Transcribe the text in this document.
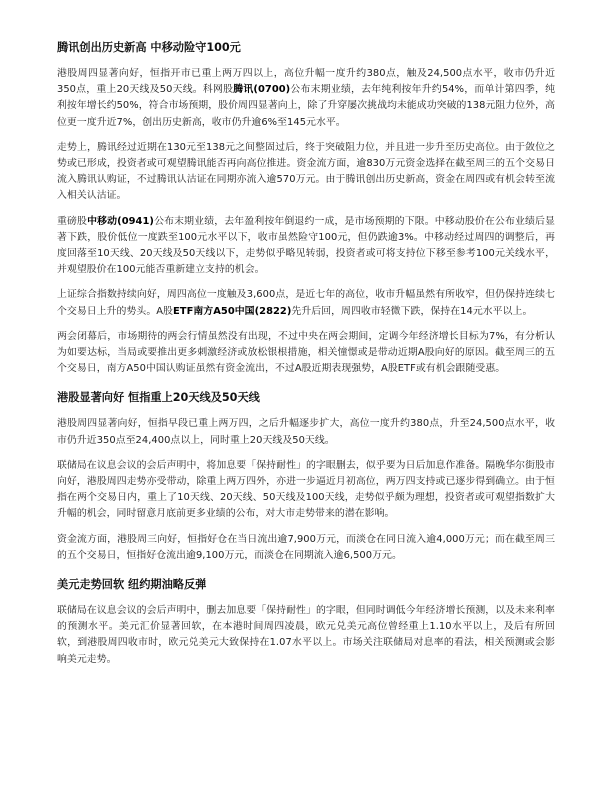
腾讯创出历史新高 中移动险守100元

港股周四显著向好，恒指开市已重上两万四以上，高位升幅一度升约380点，触及24,500点水平，收市仍升近350点，重上20天线及50天线。科网股腾讯(0700)公布末期业绩，去年纯利按年升约54%，而单计第四季，纯利按年增长约50%，符合市场预期，股价周四显著向上，除了升穿屡次挑战均未能成功突破的138元阻力位外，高位更一度升近7%，创出历史新高，收市仍升逾6%至145元水平。

走势上，腾讯经过近期在130元至138元之间整固过后，终于突破阻力位，并且进一步升至历史高位。由于敛位之势或已形成，投资者或可观望腾讯能否再向高位推进。资金流方面，逾830万元资金选择在截至周三的五个交易日流入腾讯认购证，不过腾讯认沽证在同期亦流入逾570万元。由于腾讯创出历史新高，资金在周四或有机会转至流入相关认沽证。

重磅股中移动(0941)公布末期业绩，去年盈利按年倒退约一成，是市场预期的下限。中移动股价在公布业绩后显著下跌，股价低位一度跌至100元水平以下，收市虽然险守100元，但仍跌逾3%。中移动经过周四的调整后，再度回落至10天线、20天线及50天线以下，走势似乎略见转弱，投资者或可将支持位下移至参考100元关线水平，并观望股价在100元能否重新建立支持的机会。

上证综合指数持续向好，周四高位一度触及3,600点，是近七年的高位，收市升幅虽然有所收窄，但仍保持连续七个交易日上升的势头。A股ETF南方A50中国(2822)先升后回，周四收市轻微下跌，保持在14元水平以上。

两会闭幕后，市场期待的两会行情虽然没有出现，不过中央在两会期间，定调今年经济增长目标为7%，有分析认为如要达标，当局或要推出更多刺激经济或放松银根措施，相关憧憬或是带动近期A股向好的原因。截至周三的五个交易日，南方A50中国认购证虽然有资金流出，不过A股近期表现强势，A股ETF或有机会跟随受惠。

港股显著向好 恒指重上20天线及50天线

港股周四显著向好，恒指早段已重上两万四，之后升幅逐步扩大，高位一度升约380点，升至24,500点水平，收市仍升近350点至24,400点以上，同时重上20天线及50天线。

联储局在议息会议的会后声明中，将加息要「保持耐性」的字眼删去，似乎要为日后加息作准备。隔晚华尔街股市向好，港股周四走势亦受带动，除重上两万四外，亦进一步逼近月初高位，两万四支持或已逐步得到确立。由于恒指在两个交易日内，重上了10天线、20天线、50天线及100天线，走势似乎颇为理想，投资者或可观望指数扩大升幅的机会，同时留意月底前更多业绩的公布，对大市走势带来的潜在影响。

资金流方面，港股周三向好，恒指好仓在当日流出逾7,900万元，而淡仓在同日流入逾4,000万元；而在截至周三的五个交易日，恒指好仓流出逾9,100万元，而淡仓在同期流入逾6,500万元。

美元走势回软 纽约期油略反弹

联储局在议息会议的会后声明中，删去加息要「保持耐性」的字眼，但同时调低今年经济增长预测，以及未来利率的预测水平。美元汇价显著回软，在本港时间周四凌晨，欧元兑美元高位曾经重上1.10水平以上，及后有所回软，到港股周四收市时，欧元兑美元大致保持在1.07水平以上。市场关注联储局对息率的看法，相关预测或会影响美元走势。
